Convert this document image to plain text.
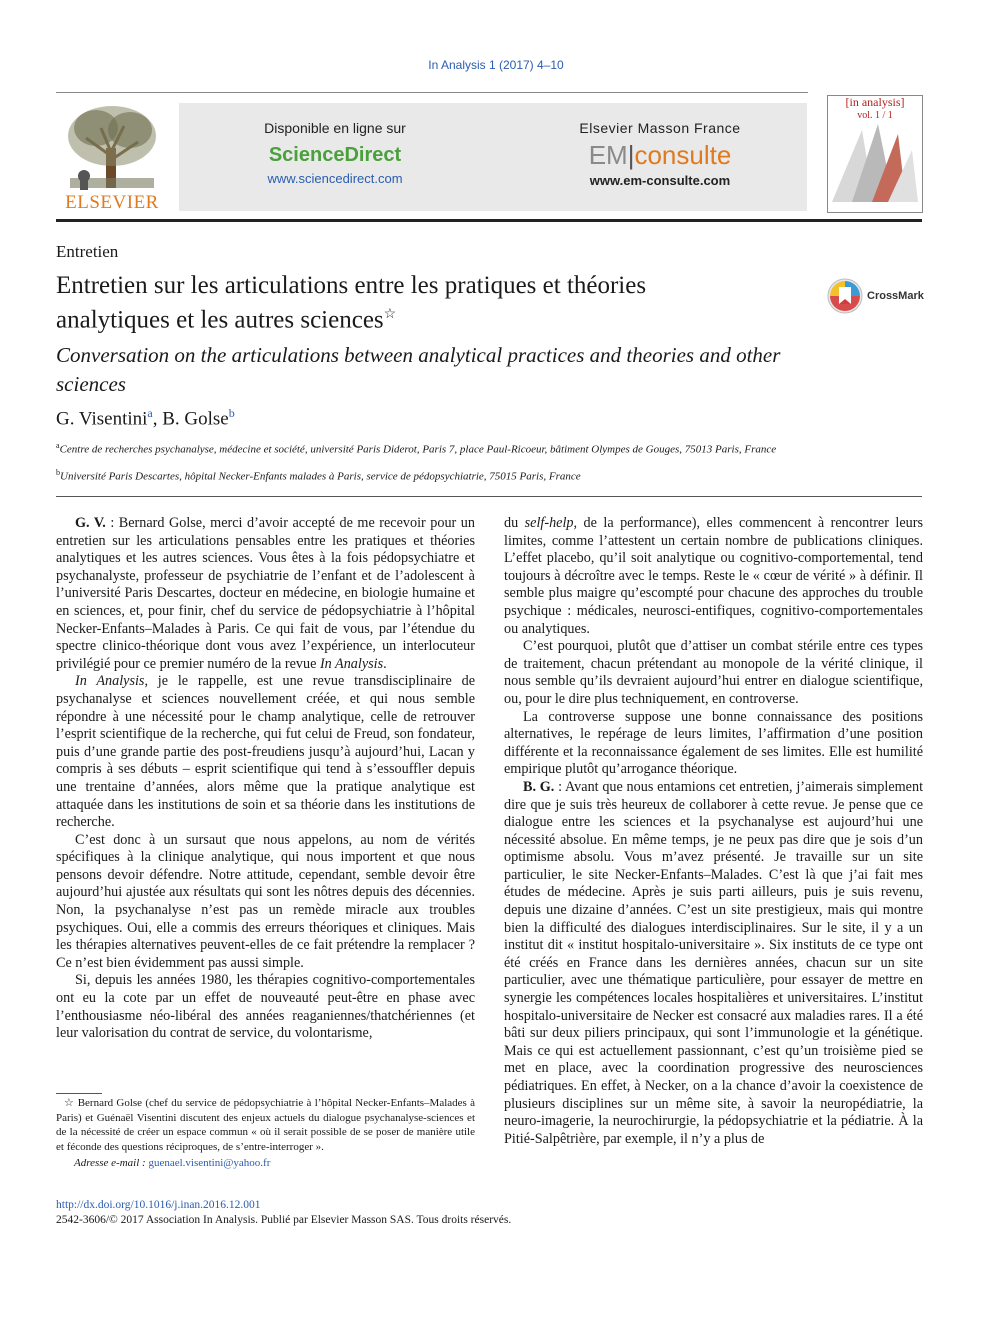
In Analysis 1 (2017) 4–10
ELSEVIER
Disponible en ligne sur
ScienceDirect
www.sciencedirect.com
Elsevier Masson France
EM|consulte
www.em-consulte.com
[in analysis]
vol. 1 / 1
Entretien
Entretien sur les articulations entre les pratiques et théories analytiques et les autres sciences☆
CrossMark
Conversation on the articulations between analytical practices and theories and other sciences
G. Visentini$^a$, B. Golse$^b$
$^a$Centre de recherches psychanalyse, médecine et société, université Paris Diderot, Paris 7, place Paul-Ricoeur, bâtiment Olympes de Gouges, 75013 Paris, France
$^b$Université Paris Descartes, hôpital Necker-Enfants malades à Paris, service de pédopsychiatrie, 75015 Paris, France

G. V. : Bernard Golse, merci d’avoir accepté de me recevoir pour un entretien sur les articulations pensables entre les pratiques et théories analytiques et les autres sciences. Vous êtes à la fois pédopsychiatre et psychanalyste, professeur de psychiatrie de l’enfant et de l’adolescent à l’université Paris Descartes, docteur en médecine, en biologie humaine et en sciences, et, pour finir, chef du service de pédopsychiatrie à l’hôpital Necker-Enfants–Malades à Paris. Ce qui fait de vous, par l’étendue du spectre clinico-théorique dont vous avez l’expérience, un interlocuteur privilégié pour ce premier numéro de la revue In Analysis.

In Analysis, je le rappelle, est une revue transdisciplinaire de psychanalyse et sciences nouvellement créée, et qui nous semble répondre à une nécessité pour le champ analytique, celle de retrouver l’esprit scientifique de la recherche, qui fut celui de Freud, son fondateur, puis d’une grande partie des post-freudiens jusqu’à aujourd’hui, Lacan y compris à ses débuts – esprit scientifique qui tend à s’essouffler depuis une trentaine d’années, alors même que la pratique analytique est attaquée dans les institutions de soin et sa théorie dans les institutions de recherche.

C’est donc à un sursaut que nous appelons, au nom de vérités spécifiques à la clinique analytique, qui nous importent et que nous pensons devoir défendre. Notre attitude, cependant, semble devoir être aujourd’hui ajustée aux résultats qui sont les nôtres depuis des décennies. Non, la psychanalyse n’est pas un remède miracle aux troubles psychiques. Oui, elle a commis des erreurs théoriques et cliniques. Mais les thérapies alternatives peuvent-elles de ce fait prétendre la remplacer ? Ce n’est bien évidemment pas aussi simple.

Si, depuis les années 1980, les thérapies cognitivo-comportementales ont eu la cote par un effet de nouveauté peut-être en phase avec l’enthousiasme néo-libéral des années reaganiennes/thatchériennes (et leur valorisation du contrat de service, du volontarisme,

du self-help, de la performance), elles commencent à rencontrer leurs limites, comme l’attestent un certain nombre de publications cliniques. L’effet placebo, qu’il soit analytique ou cognitivo-comportemental, tend toujours à décroître avec le temps. Reste le « cœur de vérité » à définir. Il semble plus maigre qu’escompté pour chacune des approches du trouble psychique : médicales, neurosci-entifiques, cognitivo-comportementales ou analytiques.

C’est pourquoi, plutôt que d’attiser un combat stérile entre ces types de traitement, chacun prétendant au monopole de la vérité clinique, il nous semble qu’ils devraient aujourd’hui entrer en dialogue scientifique, ou, pour le dire plus techniquement, en controverse.

La controverse suppose une bonne connaissance des positions alternatives, le repérage de leurs limites, l’affirmation d’une position différente et la reconnaissance également de ses limites. Elle est humilité empirique plutôt qu’arrogance théorique.

B. G. : Avant que nous entamions cet entretien, j’aimerais simplement dire que je suis très heureux de collaborer à cette revue. Je pense que ce dialogue entre les sciences et la psychanalyse est aujourd’hui une nécessité absolue. En même temps, je ne peux pas dire que je sois d’un optimisme absolu. Vous m’avez présenté. Je travaille sur un site particulier, le site Necker-Enfants–Malades. C’est là que j’ai fait mes études de médecine. Après je suis parti ailleurs, puis je suis revenu, depuis une dizaine d’années. C’est un site prestigieux, mais qui montre bien la difficulté des dialogues interdisciplinaires. Sur le site, il y a un institut dit « institut hospitalo-universitaire ». Six instituts de ce type ont été créés en France dans les dernières années, chacun sur un site particulier, avec une thématique particulière, pour essayer de mettre en synergie les compétences locales hospitalières et universitaires. L’institut hospitalo-universitaire de Necker est consacré aux maladies rares. Il a été bâti sur deux piliers principaux, qui sont l’immunologie et la génétique. Mais ce qui est actuellement passionnant, c’est qu’un troisième pied se met en place, avec la coordination progressive des neurosciences pédiatriques. En effet, à Necker, on a la chance d’avoir la coexistence de plusieurs disciplines sur un même site, à savoir la neuropédiatrie, la neuro-imagerie, la neurochirurgie, la pédopsychiatrie et la pédiatrie. À la Pitié-Salpêtrière, par exemple, il n’y a plus de

☆ Bernard Golse (chef du service de pédopsychiatrie à l’hôpital Necker-Enfants–Malades à Paris) et Guénaël Visentini discutent des enjeux actuels du dialogue psychanalyse-sciences et de la nécessité de créer un espace commun « où il serait possible de se poser de manière utile et féconde des questions réciproques, de s’entre-interroger ».

Adresse e-mail : guenael.visentini@yahoo.fr

http://dx.doi.org/10.1016/j.inan.2016.12.001
2542-3606/© 2017 Association In Analysis. Publié par Elsevier Masson SAS. Tous droits réservés.
